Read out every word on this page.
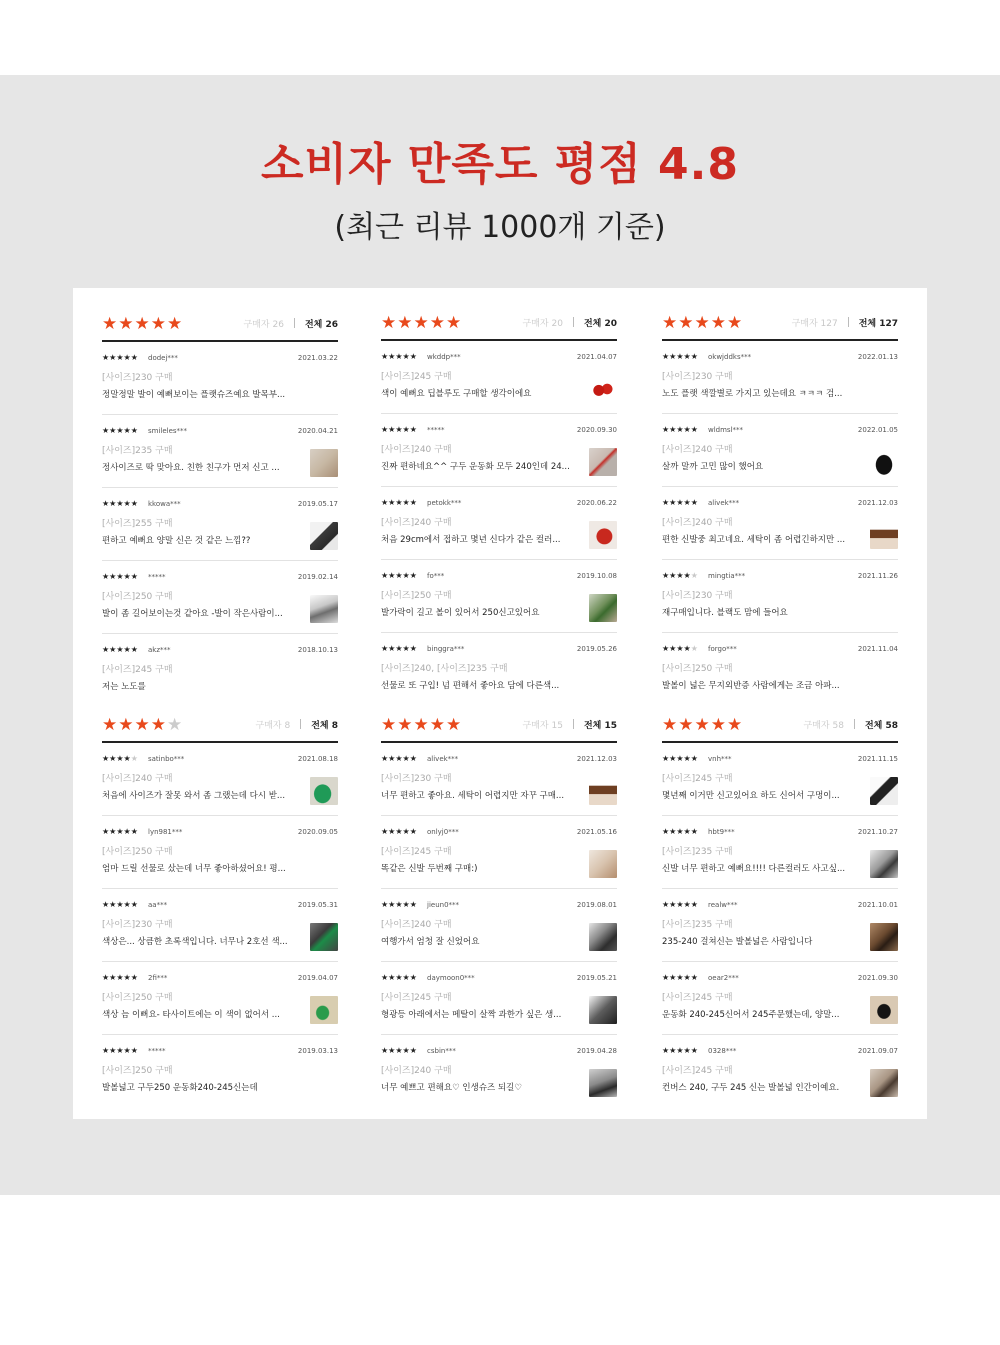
소비자 만족도 평점 4.8
(최근 리뷰 1000개 기준)
★★★★★	구매자 26 전체 26
★★★★★ dodej***	2021.03.22
[사이즈]230 구매
정말정말 발이 예뻐보이는 플랫슈즈예요 발목부...
★★★★★ smileles***	2020.04.21
[사이즈]235 구매
정사이즈로 딱 맞아요. 친한 친구가 먼저 신고 ...
★★★★★ kkowa***	2019.05.17
[사이즈]255 구매
편하고 예뻐요 양말 신은 것 같은 느낌??
★★★★★ *****	2019.02.14
[사이즈]250 구매
발이 좀 길어보이는것 같아요 -발이 작은사람이...
★★★★★ akz***	2018.10.13
[사이즈]245 구매
저는 노도를
★★★★★	구매자 20 전체 20
★★★★★ wkddp***	2021.04.07
[사이즈]245 구매
색이 예뻐요 딥블루도 구매할 생각이에요
★★★★★ *****	2020.09.30
[사이즈]240 구매
진짜 편하네요^^ 구두 운동화 모두 240인데 24...
★★★★★ petokk***	2020.06.22
[사이즈]240 구매
처음 29cm에서 접하고 몇년 신다가 같은 컬러...
★★★★★ fo***	2019.10.08
[사이즈]250 구매
발가락이 길고 볼이 있어서 250신고있어요
★★★★★ binggra***	2019.05.26
[사이즈]240, [사이즈]235 구매
선물로 또 구입! 넘 편해서 좋아요 담에 다른색...
★★★★★	구매자 127 전체 127
★★★★★ okwjddks***	2022.01.13
[사이즈]230 구매
노도 플랫 색깔별로 가지고 있는데요 ㅋㅋㅋ 검...
★★★★★ wldmsl***	2022.01.05
[사이즈]240 구매
살까 말까 고민 많이 했어요
★★★★★ alivek***	2021.12.03
[사이즈]240 구매
편한 신발중 최고네요. 세탁이 좀 어렵긴하지만 ...
★★★★★ mingtia***	2021.11.26
[사이즈]230 구매
재구매입니다. 블랙도 맘에 들어요
★★★★★ forgo***	2021.11.04
[사이즈]250 구매
발볼이 넓은 무지외반증 사람에게는 조금 아파...
★★★★★	구매자 8 전체 8
★★★★★ satinbo***	2021.08.18
[사이즈]240 구매
처음에 사이즈가 잘못 와서 좀 그랬는데 다시 받...
★★★★★ lyn981***	2020.09.05
[사이즈]250 구매
엄마 드릴 선물로 샀는데 너무 좋아하셨어요! 평...
★★★★★ aa***	2019.05.31
[사이즈]230 구매
색상은... 상큼한 초록색입니다. 너무나 2호선 색...
★★★★★ 2fi***	2019.04.07
[사이즈]250 구매
색상 늠 이뻐요- 타사이트에는 이 색이 없어서 ...
★★★★★ *****	2019.03.13
[사이즈]250 구매
발볼넓고 구두250 운동화240-245신는데
★★★★★	구매자 15 전체 15
★★★★★ alivek***	2021.12.03
[사이즈]230 구매
너무 편하고 좋아요. 세탁이 어렵지만 자꾸 구매...
★★★★★ onlyj0***	2021.05.16
[사이즈]245 구매
똑같은 신발 두번째 구매:)
★★★★★ jieun0***	2019.08.01
[사이즈]240 구매
여행가서 엄청 잘 신었어요
★★★★★ daymoon0***	2019.05.21
[사이즈]245 구매
형광등 아래에서는 메탈이 살짝 과한가 싶은 생...
★★★★★ csbin***	2019.04.28
[사이즈]240 구매
너무 예쁘고 편해요♡ 인생슈즈 되길♡
★★★★★	구매자 58 전체 58
★★★★★ vnh***	2021.11.15
[사이즈]245 구매
몇년째 이거만 신고있어요 하도 신어서 구멍이...
★★★★★ hbt9***	2021.10.27
[사이즈]235 구매
신발 너무 편하고 예뻐요!!!! 다른컬러도 사고싶...
★★★★★ realw***	2021.10.01
[사이즈]235 구매
235-240 걸쳐신는 발볼넓은 사람입니다
★★★★★ oear2***	2021.09.30
[사이즈]245 구매
운동화 240-245신어서 245주문했는데, 양말...
★★★★★ 0328***	2021.09.07
[사이즈]245 구매
컨버스 240, 구두 245 신는 발볼넓 인간이예요.
